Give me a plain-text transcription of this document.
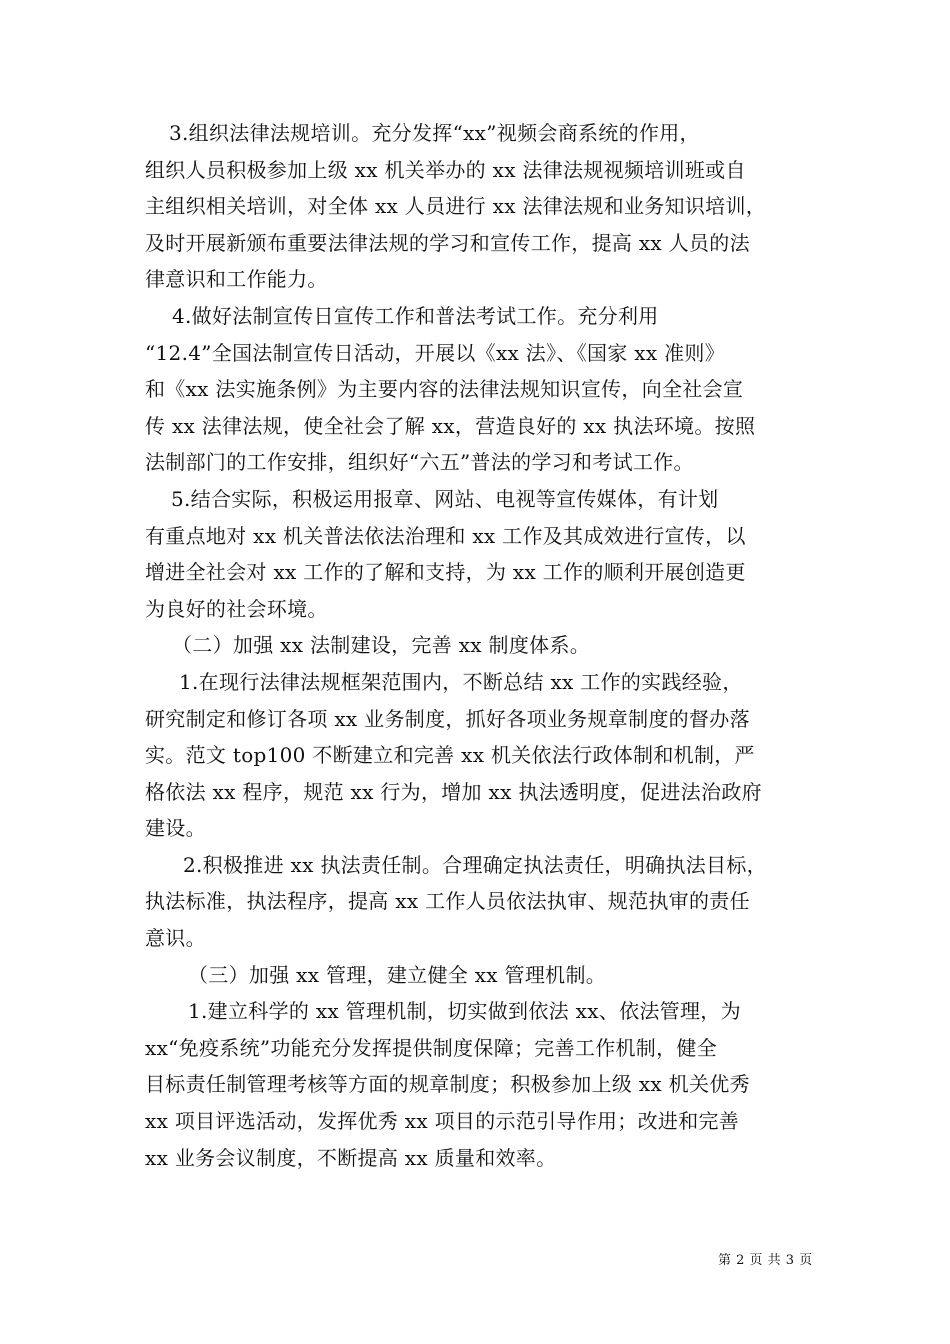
3.组织法律法规培训。充分发挥“xx”视频会商系统的作用，
组织人员积极参加上级 xx 机关举办的 xx 法律法规视频培训班或自
主组织相关培训，对全体 xx 人员进行 xx 法律法规和业务知识培训，
及时开展新颁布重要法律法规的学习和宣传工作，提高 xx 人员的法
律意识和工作能力。
4.做好法制宣传日宣传工作和普法考试工作。充分利用
“12.4”全国法制宣传日活动，开展以《xx 法》、《国家 xx 准则》
和《xx 法实施条例》为主要内容的法律法规知识宣传，向全社会宣
传 xx 法律法规，使全社会了解 xx，营造良好的 xx 执法环境。按照
法制部门的工作安排，组织好“六五”普法的学习和考试工作。
5.结合实际，积极运用报章、网站、电视等宣传媒体，有计划
有重点地对 xx 机关普法依法治理和 xx 工作及其成效进行宣传，以
增进全社会对 xx 工作的了解和支持，为 xx 工作的顺利开展创造更
为良好的社会环境。
（二）加强 xx 法制建设，完善 xx 制度体系。
1.在现行法律法规框架范围内，不断总结 xx 工作的实践经验，
研究制定和修订各项 xx 业务制度，抓好各项业务规章制度的督办落
实。范文 top100 不断建立和完善 xx 机关依法行政体制和机制，严
格依法 xx 程序，规范 xx 行为，增加 xx 执法透明度，促进法治政府
建设。
2.积极推进 xx 执法责任制。合理确定执法责任，明确执法目标，
执法标准，执法程序，提高 xx 工作人员依法执审、规范执审的责任
意识。
（三）加强 xx 管理，建立健全 xx 管理机制。
1.建立科学的 xx 管理机制，切实做到依法 xx、依法管理，为
xx“免疫系统”功能充分发挥提供制度保障；完善工作机制，健全
目标责任制管理考核等方面的规章制度；积极参加上级 xx 机关优秀
xx 项目评选活动，发挥优秀 xx 项目的示范引导作用；改进和完善
xx 业务会议制度，不断提高 xx 质量和效率。
第 2 页 共 3 页
